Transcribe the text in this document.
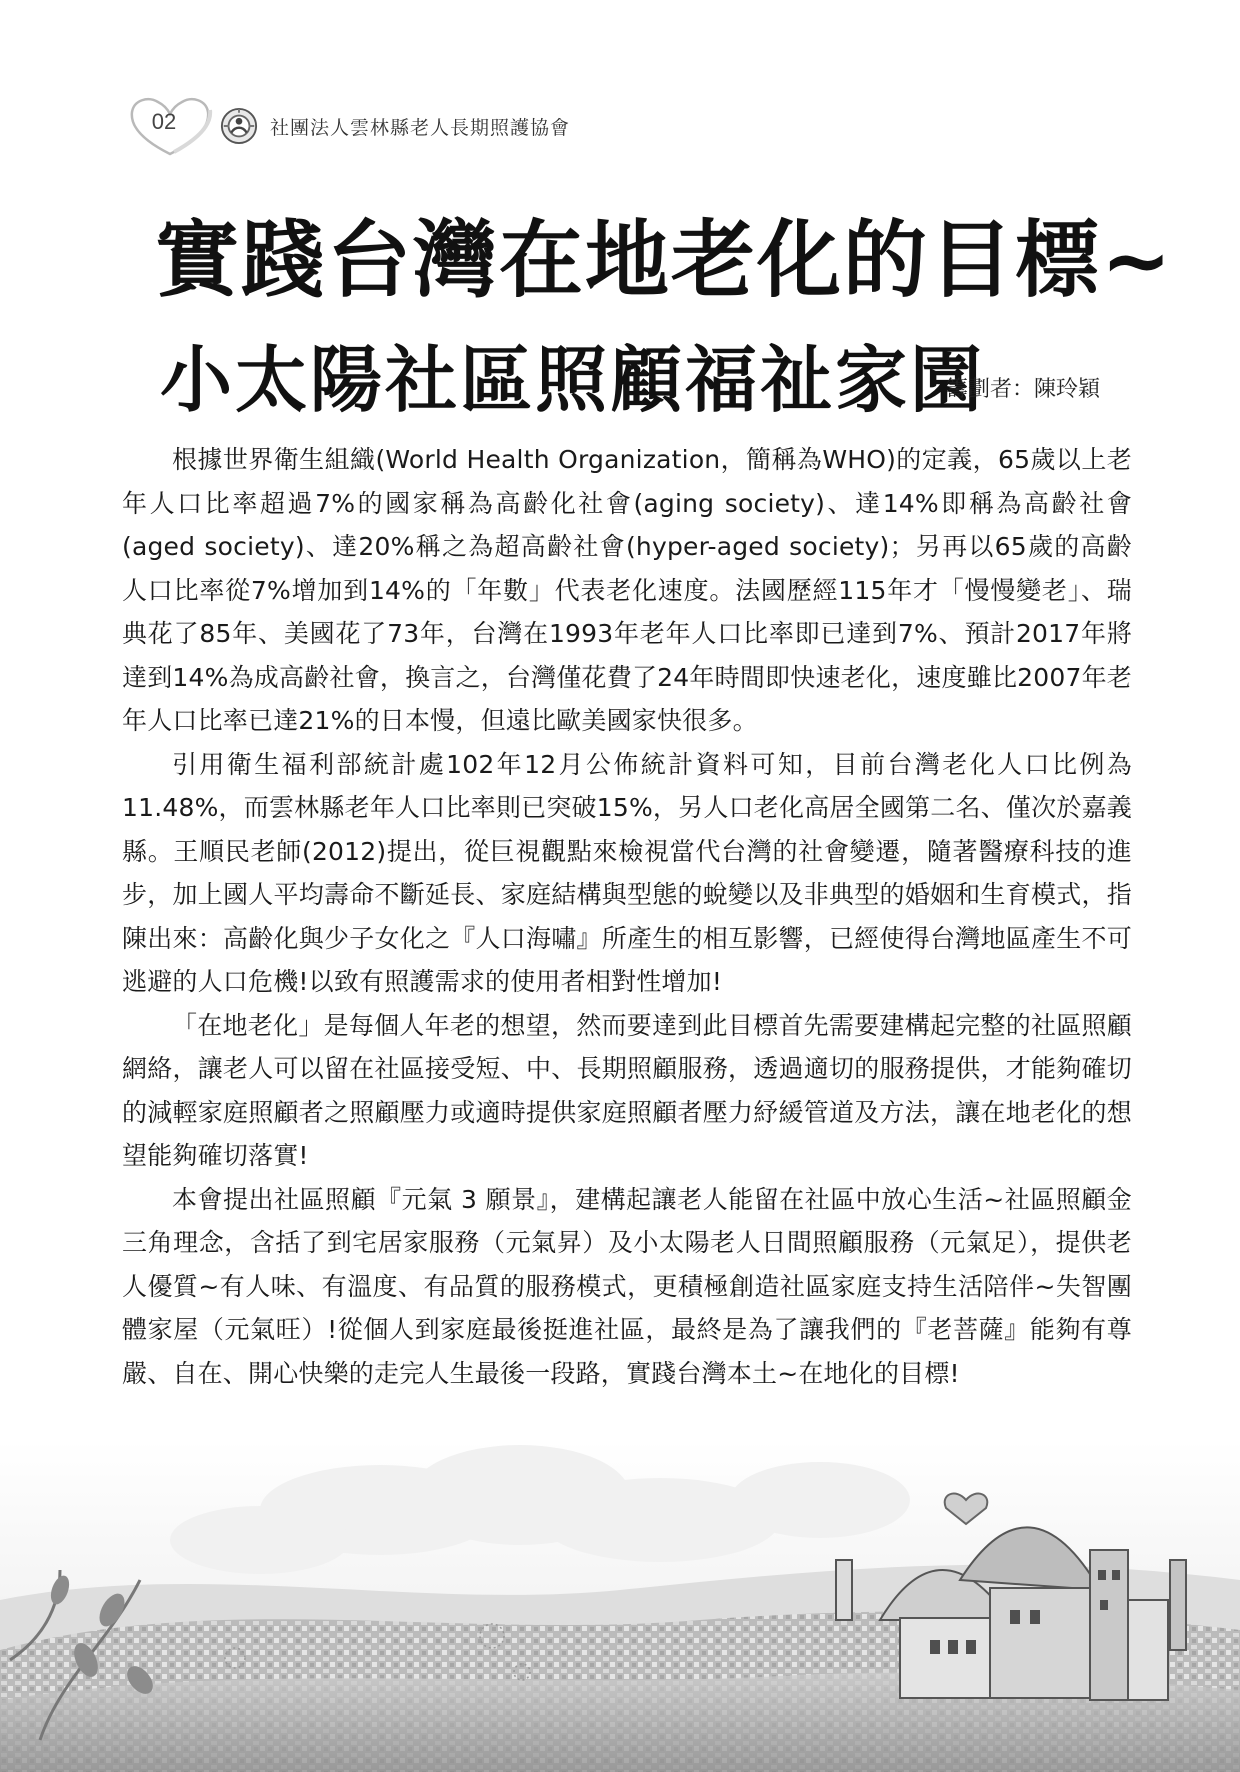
02	社團法人雲林縣老人長期照護協會
實踐台灣在地老化的目標~
小太陽社區照顧福祉家園
籌劃者：陳玲穎

根據世界衛生組織(World Health Organization，簡稱為WHO)的定義，65歲以上老年人口比率超過7%的國家稱為高齡化社會(aging society)、達14%即稱為高齡社會(aged society)、達20%稱之為超高齡社會(hyper-aged society)；另再以65歲的高齡人口比率從7%增加到14%的「年數」代表老化速度。法國歷經115年才「慢慢變老」、瑞典花了85年、美國花了73年，台灣在1993年老年人口比率即已達到7%、預計2017年將達到14%為成高齡社會，換言之，台灣僅花費了24年時間即快速老化，速度雖比2007年老年人口比率已達21%的日本慢，但遠比歐美國家快很多。

引用衛生福利部統計處102年12月公佈統計資料可知，目前台灣老化人口比例為11.48%，而雲林縣老年人口比率則已突破15%，另人口老化高居全國第二名、僅次於嘉義縣。王順民老師(2012)提出，從巨視觀點來檢視當代台灣的社會變遷，隨著醫療科技的進步，加上國人平均壽命不斷延長、家庭結構與型態的蛻變以及非典型的婚姻和生育模式，指陳出來：高齡化與少子女化之『人口海嘯』所產生的相互影響，已經使得台灣地區產生不可逃避的人口危機!以致有照護需求的使用者相對性增加!

「在地老化」是每個人年老的想望，然而要達到此目標首先需要建構起完整的社區照顧網絡，讓老人可以留在社區接受短、中、長期照顧服務，透過適切的服務提供，才能夠確切的減輕家庭照顧者之照顧壓力或適時提供家庭照顧者壓力紓緩管道及方法，讓在地老化的想望能夠確切落實!

本會提出社區照顧『元氣 3 願景』，建構起讓老人能留在社區中放心生活~社區照顧金三角理念，含括了到宅居家服務（元氣昇）及小太陽老人日間照顧服務（元氣足），提供老人優質~有人味、有溫度、有品質的服務模式，更積極創造社區家庭支持生活陪伴~失智團體家屋（元氣旺）!從個人到家庭最後挺進社區，最終是為了讓我們的『老菩薩』能夠有尊嚴、自在、開心快樂的走完人生最後一段路，實踐台灣本土~在地化的目標!
